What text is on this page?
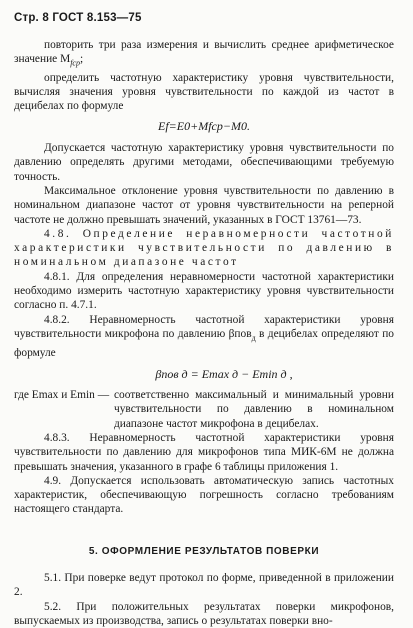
Стр. 8 ГОСТ 8.153—75

повторить три раза измерения и вычислить среднее арифметическое значение $M_{fср}$;

определить частотную характеристику уровня чувствительности, вычисляя значения уровня чувствительности по каждой из частот в децибелах по формуле

Ef=E0+Mfср−M0.

Допускается частотную характеристику уровня чувствительности по давлению определять другими методами, обеспечивающими требуемую точность.

Максимальное отклонение уровня чувствительности по давлению в номинальном диапазоне частот от уровня чувствительности на реперной частоте не должно превышать значений, указанных в ГОСТ 13761—73.

4.8. Определение неравномерности частотной характеристики чувствительности по давлению в номинальном диапазоне частот

4.8.1. Для определения неравномерности частотной характеристики необходимо измерить частотную характеристику уровня чувствительности согласно п. 4.7.1.

4.8.2. Неравномерность частотной характеристики уровня чувствительности микрофона по давлению βпов$_д$ в децибелах определяют по формуле

βпов д = Emax д − Emin д ,

где Emax и Emin — соответственно максимальный и минимальный уровни чувствительности по давлению в номинальном диапазоне частот микрофона в децибелах.

4.8.3. Неравномерность частотной характеристики уровня чувствительности по давлению для микрофонов типа МИК-6М не должна превышать значения, указанного в графе 6 таблицы приложения 1.

4.9. Допускается использовать автоматическую запись частотных характеристик, обеспечивающую погрешность согласно требованиям настоящего стандарта.

5. ОФОРМЛЕНИЕ РЕЗУЛЬТАТОВ ПОВЕРКИ

5.1. При поверке ведут протокол по форме, приведенной в приложении 2.

5.2. При положительных результатах поверки микрофонов, выпускаемых из производства, запись о результатах поверки вно-
